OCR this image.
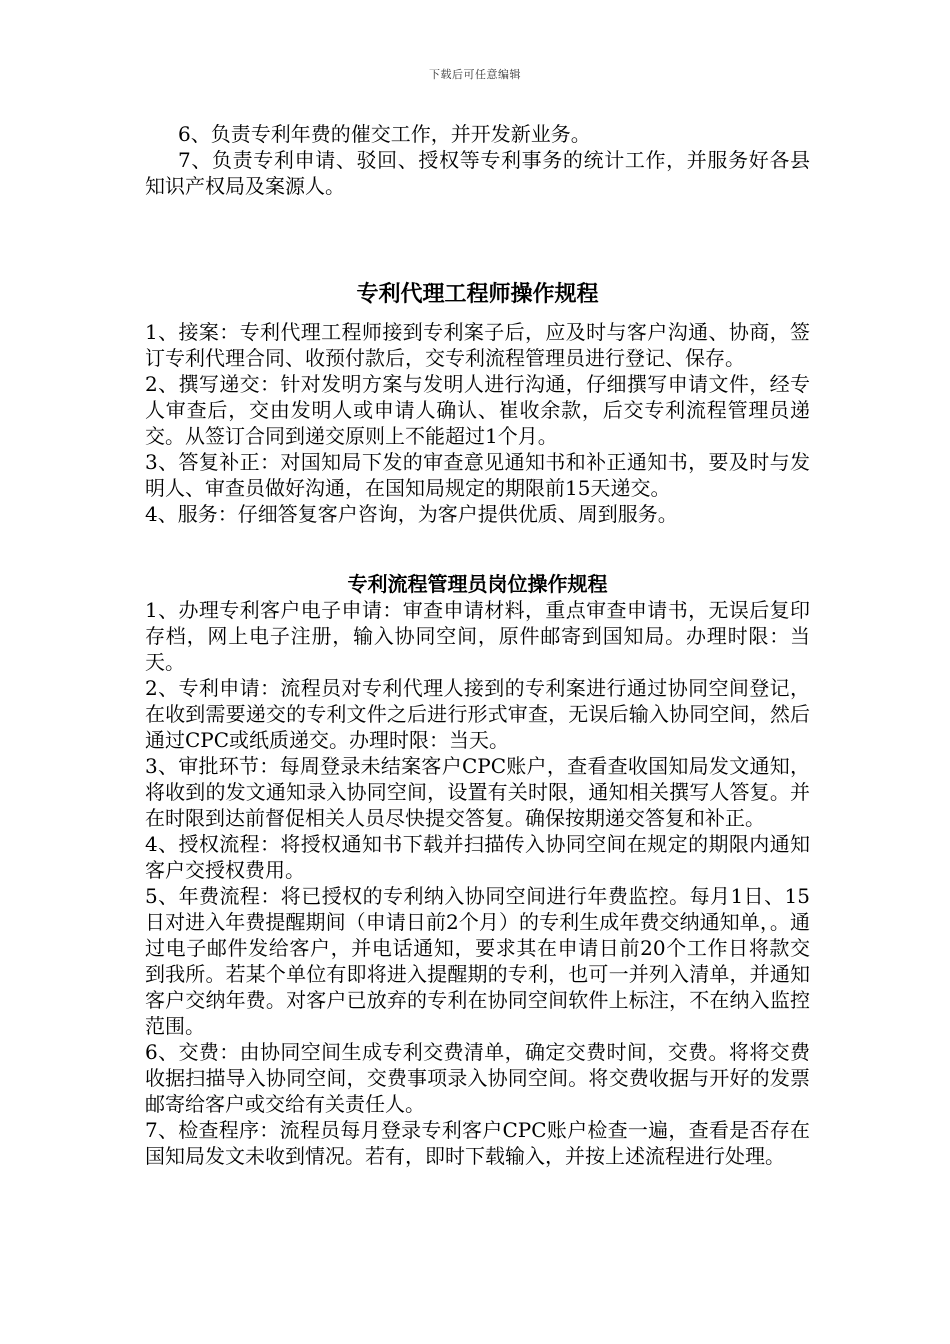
下载后可任意编辑

6、负责专利年费的催交工作，并开发新业务。

7、负责专利申请、驳回、授权等专利事务的统计工作，并服务好各县知识产权局及案源人。

专利代理工程师操作规程

1、接案：专利代理工程师接到专利案子后，应及时与客户沟通、协商，签订专利代理合同、收预付款后，交专利流程管理员进行登记、保存。

2、撰写递交：针对发明方案与发明人进行沟通，仔细撰写申请文件，经专人审查后，交由发明人或申请人确认、崔收余款，后交专利流程管理员递交。从签订合同到递交原则上不能超过1个月。

3、答复补正：对国知局下发的审查意见通知书和补正通知书，要及时与发明人、审查员做好沟通，在国知局规定的期限前15天递交。

4、服务：仔细答复客户咨询，为客户提供优质、周到服务。

专利流程管理员岗位操作规程

1、办理专利客户电子申请：审查申请材料，重点审查申请书，无误后复印存档，网上电子注册，输入协同空间，原件邮寄到国知局。办理时限：当天。

2、专利申请：流程员对专利代理人接到的专利案进行通过协同空间登记，在收到需要递交的专利文件之后进行形式审查，无误后输入协同空间，然后通过CPC或纸质递交。办理时限：当天。

3、审批环节：每周登录未结案客户CPC账户，查看查收国知局发文通知，将收到的发文通知录入协同空间，设置有关时限，通知相关撰写人答复。并在时限到达前督促相关人员尽快提交答复。确保按期递交答复和补正。

4、授权流程：将授权通知书下载并扫描传入协同空间在规定的期限内通知客户交授权费用。

5、年费流程：将已授权的专利纳入协同空间进行年费监控。每月1日、15日对进入年费提醒期间（申请日前2个月）的专利生成年费交纳通知单，。通过电子邮件发给客户，并电话通知，要求其在申请日前20个工作日将款交到我所。若某个单位有即将进入提醒期的专利，也可一并列入清单，并通知客户交纳年费。对客户已放弃的专利在协同空间软件上标注，不在纳入监控范围。

6、交费：由协同空间生成专利交费清单，确定交费时间，交费。将将交费收据扫描导入协同空间，交费事项录入协同空间。将交费收据与开好的发票邮寄给客户或交给有关责任人。

7、检查程序：流程员每月登录专利客户CPC账户检查一遍，查看是否存在国知局发文未收到情况。若有，即时下载输入，并按上述流程进行处理。
